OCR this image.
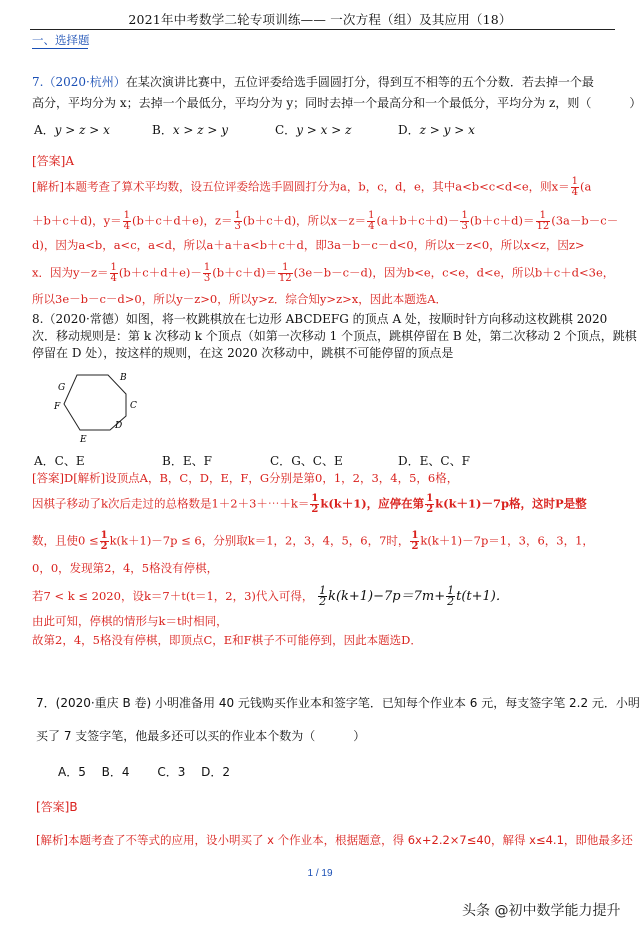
2021年中考数学二轮专项训练—— 一次方程（组）及其应用（18）
一、选择题
7.（2020·杭州）在某次演讲比赛中，五位评委给选手圆圆打分，得到互不相等的五个分数．若去掉一个最
高分，平均分为 x；去掉一个最低分，平均分为 y；同时去掉一个最高分和一个最低分，平均分为 z，则（	）
A．y > z > x	B．x > z > y	C．y > x > z	D．z > y > x
[答案]A
[解析]本题考查了算术平均数，设五位评委给选手圆圆打分为a，b，c，d，e，其中a<b<c<d<e，则$x= \frac{1}{4} (a$
＋b＋c＋d)，$y= \frac{1}{4} (b+c+d+e)$，$z= \frac{1}{3} (b+c+d)$，所以$x-z= \frac{1}{4} (a+b+c+d)- \frac{1}{3} (b+c+d)= \frac{1}{12} (3a-b-c-$
d)，因为a<b，a<c，a<d，所以a＋a＋a<b＋c＋d，即3a－b－c－d<0，所以x－z<0，所以x<z，因z>
x．因为$y-z= \frac{1}{4} (b+c+d+e)- \frac{1}{3} (b+c+d)= \frac{1}{12} (3e-b-c-d)$，因为b<e，c<e，d<e，所以b＋c＋d<3e，
所以3e－b－c－d>0，所以y－z>0，所以y>z．综合知y>z>x，因此本题选A．
8.（2020·常德）如图，将一枚跳棋放在七边形 ABCDEFG 的顶点 A 处，按顺时针方向移动这枚跳棋 2020
次．移动规则是：第 k 次移动 k 个顶点（如第一次移动 1 个顶点，跳棋停留在 B 处，第二次移动 2 个顶点，跳棋
停留在 D 处），按这样的规则，在这 2020 次移动中，跳棋不可能停留的顶点是
G
B
F	C
E
D
A．C、E	B．E、F	C．G、C、E	D．E、C、F
[答案]D[解析]设顶点A，B，C，D，E，F，G分别是第0，1，2，3，4，5，6格，
因棋子移动了k次后走过的总格数是1＋2＋3＋⋯＋k＝ $\frac{1}{2} k(k+1)$，应停在第 $\frac{1}{2} k(k+1)-7p$格，这时P是整
数，且使$0 \le \frac{1}{2} k(k+1)-7p \le 6$，分别取k＝1，2，3，4，5，6，7时， $\frac{1}{2} k(k+1)-7p=1$，3，6，3，1，
0，0，发现第2，4，5格没有停棋，
若7 < k ≤ 2020，设k＝7＋t(t＝1，2，3)代入可得， $\frac{1}{2} k(k+1)-7p=7m+ \frac{1}{2} t(t+1)$．
由此可知，停棋的情形与k＝t时相同，
故第2，4，5格没有停棋，即顶点C，E和F棋子不可能停到，因此本题选D．
7．(2020·重庆 B 卷) 小明准备用 40 元钱购买作业本和签字笔．已知每个作业本 6 元，每支签字笔 2.2 元．小明
买了 7 支签字笔，他最多还可以买的作业本个数为（	）
A．5　 B．4　　 C．3　 D．2
[答案]B
[解析]本题考查了不等式的应用，设小明买了 x 个作业本，根据题意，得 6x+2.2×7≤40，解得 x≤4.1，即他最多还
1 / 19
头条 @初中数学能力提升
